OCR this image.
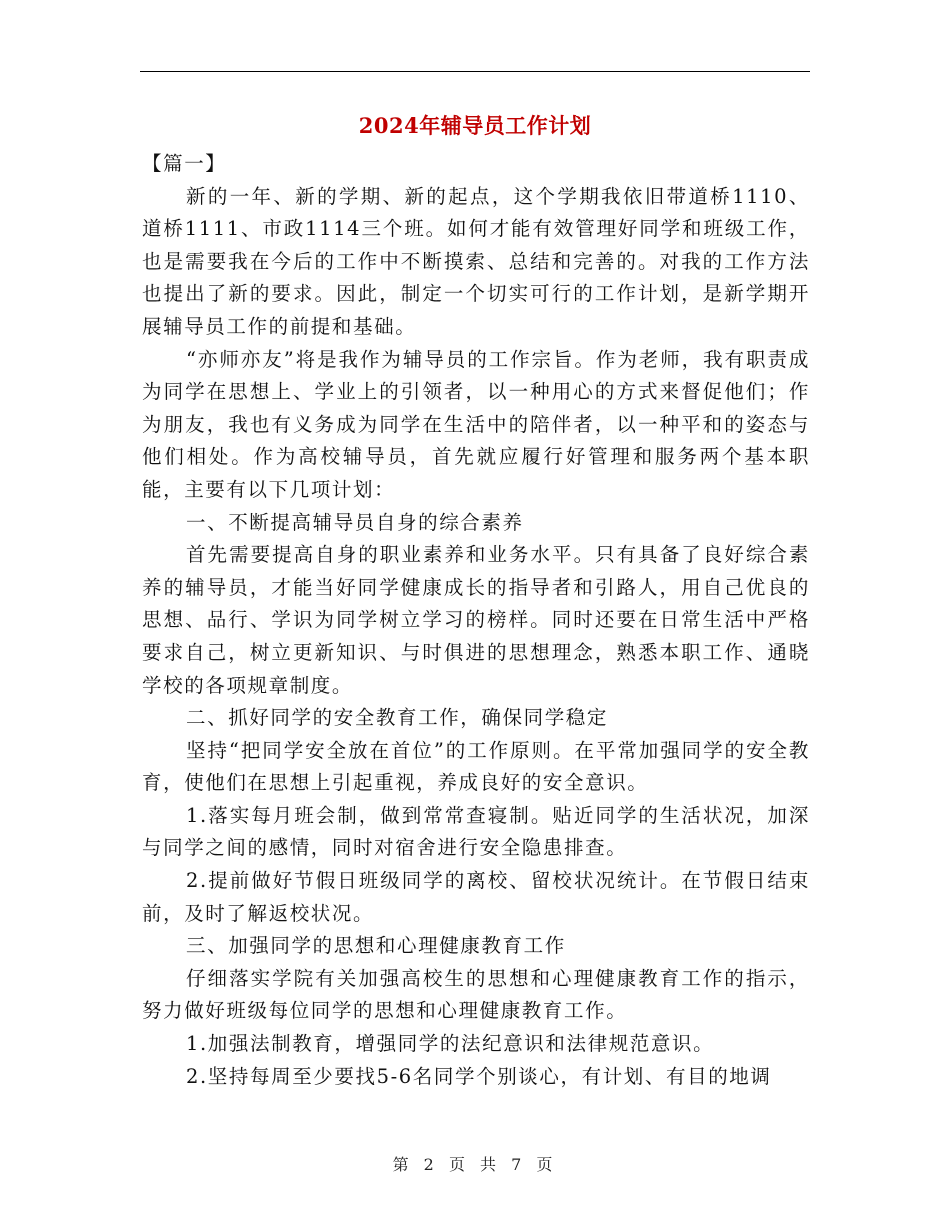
2024年辅导员工作计划

【篇一】

新的一年、新的学期、新的起点，这个学期我依旧带道桥1110、道桥1111、市政1114三个班。如何才能有效管理好同学和班级工作，也是需要我在今后的工作中不断摸索、总结和完善的。对我的工作方法也提出了新的要求。因此，制定一个切实可行的工作计划，是新学期开展辅导员工作的前提和基础。

“亦师亦友”将是我作为辅导员的工作宗旨。作为老师，我有职责成为同学在思想上、学业上的引领者，以一种用心的方式来督促他们；作为朋友，我也有义务成为同学在生活中的陪伴者，以一种平和的姿态与他们相处。作为高校辅导员，首先就应履行好管理和服务两个基本职能，主要有以下几项计划：

一、不断提高辅导员自身的综合素养

首先需要提高自身的职业素养和业务水平。只有具备了良好综合素养的辅导员，才能当好同学健康成长的指导者和引路人，用自己优良的思想、品行、学识为同学树立学习的榜样。同时还要在日常生活中严格要求自己，树立更新知识、与时俱进的思想理念，熟悉本职工作、通晓学校的各项规章制度。

二、抓好同学的安全教育工作，确保同学稳定

坚持“把同学安全放在首位”的工作原则。在平常加强同学的安全教育，使他们在思想上引起重视，养成良好的安全意识。

1.落实每月班会制，做到常常查寝制。贴近同学的生活状况，加深与同学之间的感情，同时对宿舍进行安全隐患排查。

2.提前做好节假日班级同学的离校、留校状况统计。在节假日结束前，及时了解返校状况。

三、加强同学的思想和心理健康教育工作

仔细落实学院有关加强高校生的思想和心理健康教育工作的指示，努力做好班级每位同学的思想和心理健康教育工作。

1.加强法制教育，增强同学的法纪意识和法律规范意识。

2.坚持每周至少要找5-6名同学个别谈心，有计划、有目的地调

第 2 页 共 7 页
